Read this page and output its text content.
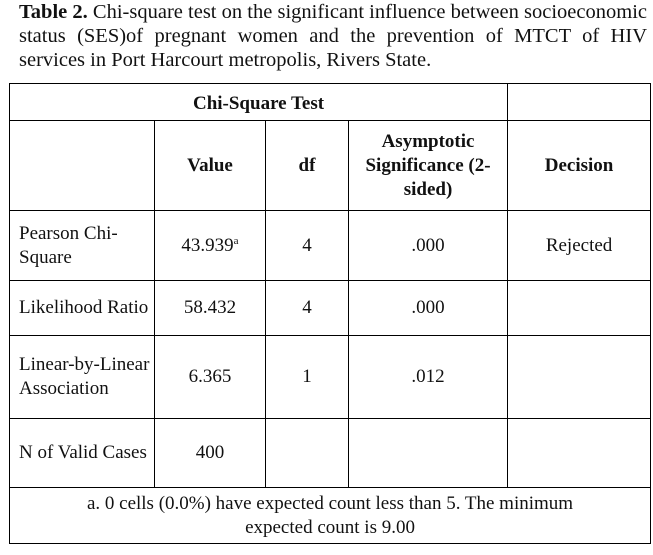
Table 2. Chi-square test on the significant influence between socioeconomic status (SES)of pregnant women and the prevention of MTCT of HIV services in Port Harcourt metropolis, Rivers State.
Chi-Square Test				
	Value	df	Asymptotic Significance (2-sided)	Decision
Pearson Chi-Square	43.939$^a$	4	.000	Rejected
Likelihood Ratio	58.432	4	.000	
Linear-by-Linear Association	6.365	1	.012	
N of Valid Cases	400			
a. 0 cells (0.0%) have expected count less than 5. The minimum expected count is 9.00				
